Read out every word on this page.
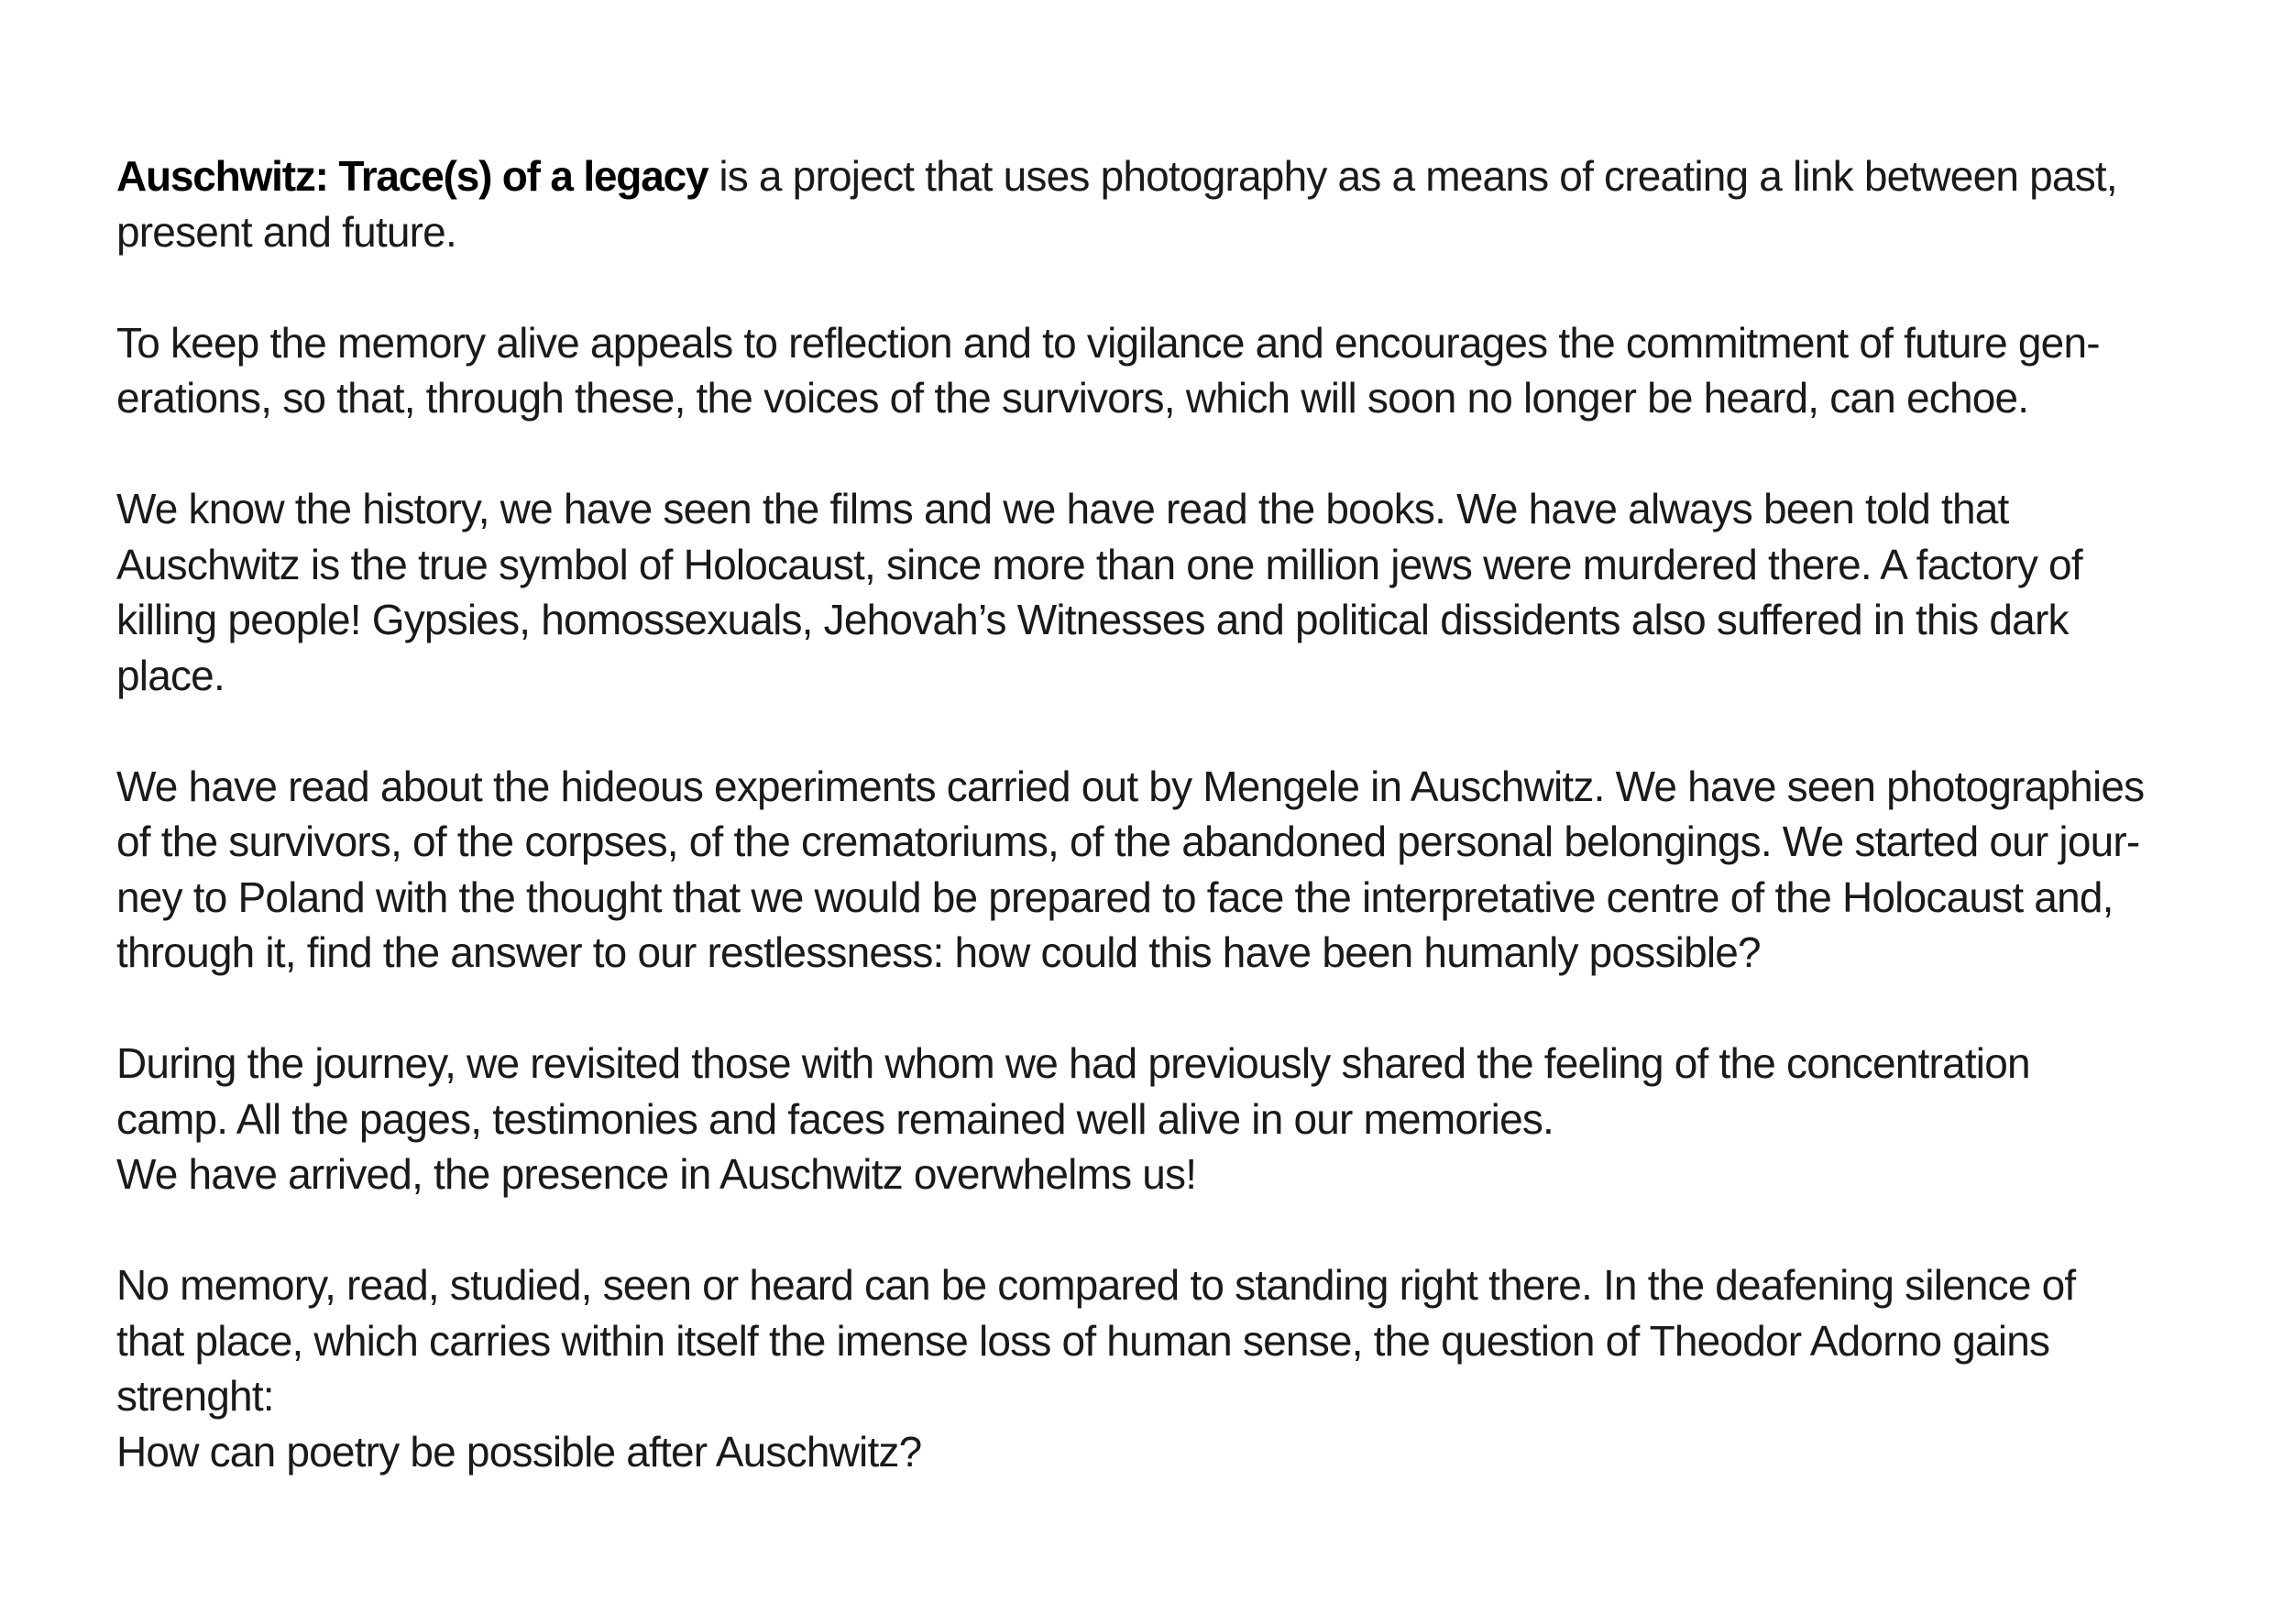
Auschwitz: Trace(s) of a legacy is a project that uses photography as a means of creating a link between past,
present and future.

To keep the memory alive appeals to reflection and to vigilance and encourages the commitment of future gen-
erations, so that, through these, the voices of the survivors, which will soon no longer be heard, can echoe.

We know the history, we have seen the films and we have read the books. We have always been told that
Auschwitz is the true symbol of Holocaust, since more than one million jews were murdered there. A factory of
killing people! Gypsies, homossexuals, Jehovah’s Witnesses and political dissidents also suffered in this dark
place.

We have read about the hideous experiments carried out by Mengele in Auschwitz. We have seen photographies
of the survivors, of the corpses, of the crematoriums, of the abandoned personal belongings. We started our jour-
ney to Poland with the thought that we would be prepared to face the interpretative centre of the Holocaust and,
through it, find the answer to our restlessness: how could this have been humanly possible?

During the journey, we revisited those with whom we had previously shared the feeling of the concentration
camp. All the pages, testimonies and faces remained well alive in our memories.
We have arrived, the presence in Auschwitz overwhelms us!

No memory, read, studied, seen or heard can be compared to standing right there. In the deafening silence of
that place, which carries within itself the imense loss of human sense, the question of Theodor Adorno gains
strenght:
How can poetry be possible after Auschwitz?
